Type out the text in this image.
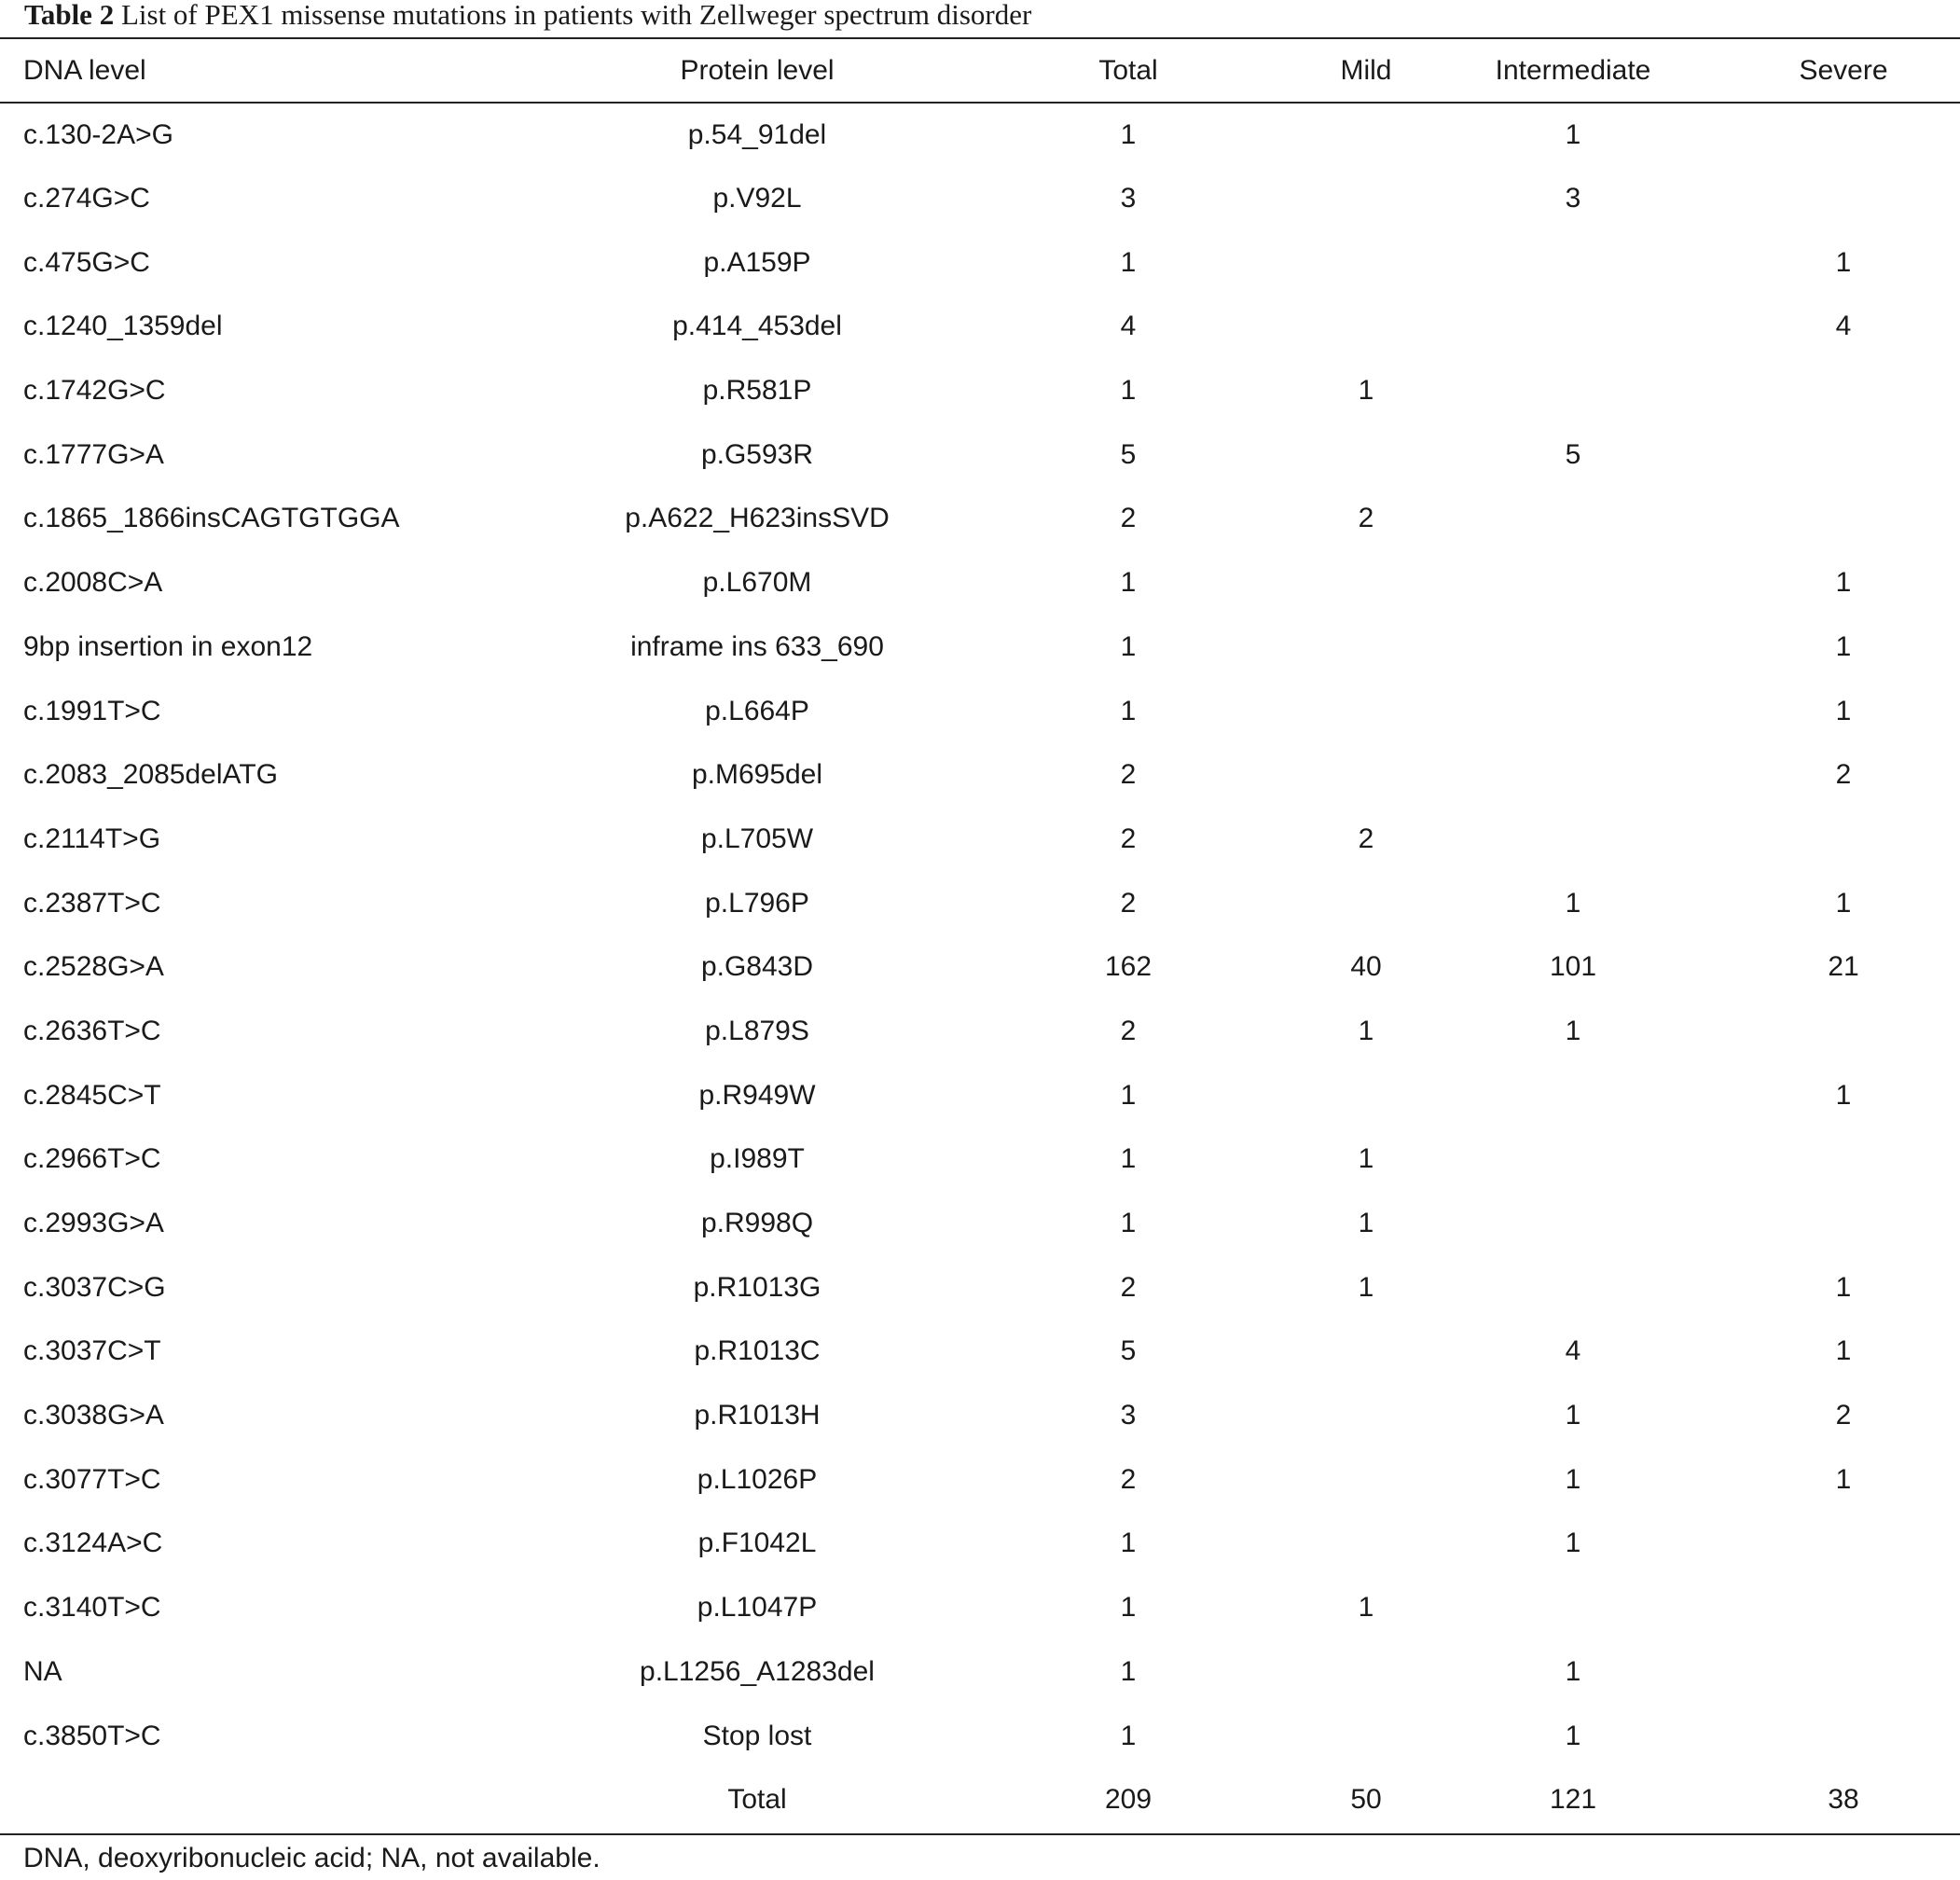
Table 2 List of PEX1 missense mutations in patients with Zellweger spectrum disorder
DNA level	Protein level	Total	Mild	Intermediate	Severe
c.130-2A>G	p.54_91del	1		1	
c.274G>C	p.V92L	3		3	
c.475G>C	p.A159P	1			1
c.1240_1359del	p.414_453del	4			4
c.1742G>C	p.R581P	1	1		
c.1777G>A	p.G593R	5		5	
c.1865_1866insCAGTGTGGA	p.A622_H623insSVD	2	2		
c.2008C>A	p.L670M	1			1
9bp insertion in exon12	inframe ins 633_690	1			1
c.1991T>C	p.L664P	1			1
c.2083_2085delATG	p.M695del	2			2
c.2114T>G	p.L705W	2	2		
c.2387T>C	p.L796P	2		1	1
c.2528G>A	p.G843D	162	40	101	21
c.2636T>C	p.L879S	2	1	1	
c.2845C>T	p.R949W	1			1
c.2966T>C	p.I989T	1	1		
c.2993G>A	p.R998Q	1	1		
c.3037C>G	p.R1013G	2	1		1
c.3037C>T	p.R1013C	5		4	1
c.3038G>A	p.R1013H	3		1	2
c.3077T>C	p.L1026P	2		1	1
c.3124A>C	p.F1042L	1		1	
c.3140T>C	p.L1047P	1	1		
NA	p.L1256_A1283del	1		1	
c.3850T>C	Stop lost	1		1	
	Total	209	50	121	38
DNA, deoxyribonucleic acid; NA, not available.
